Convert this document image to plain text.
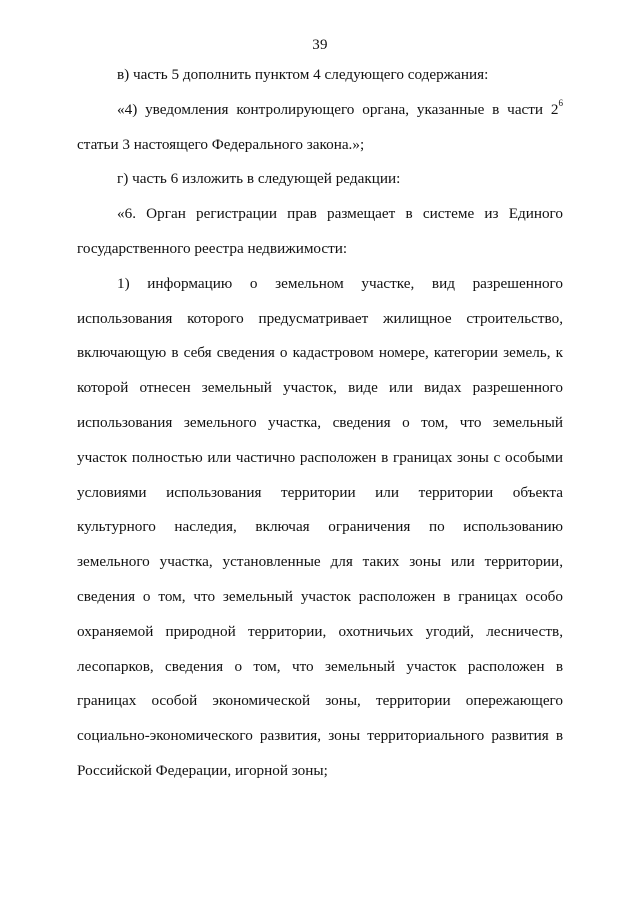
39

в) часть 5 дополнить пунктом 4 следующего содержания:

«4) уведомления контролирующего органа, указанные в части $2^6$ статьи 3 настоящего Федерального закона.»;

г) часть 6 изложить в следующей редакции:

«6. Орган регистрации прав размещает в системе из Единого государственного реестра недвижимости:

1) информацию о земельном участке, вид разрешенного использования которого предусматривает жилищное строительство, включающую в себя сведения о кадастровом номере, категории земель, к которой отнесен земельный участок, виде или видах разрешенного использования земельного участка, сведения о том, что земельный участок полностью или частично расположен в границах зоны с особыми условиями использования территории или территории объекта культурного наследия, включая ограничения по использованию земельного участка, установленные для таких зоны или территории, сведения о том, что земельный участок расположен в границах особо охраняемой природной территории, охотничьих угодий, лесничеств, лесопарков, сведения о том, что земельный участок расположен в границах особой экономической зоны, территории опережающего социально-экономического развития, зоны территориального развития в Российской Федерации, игорной зоны;
